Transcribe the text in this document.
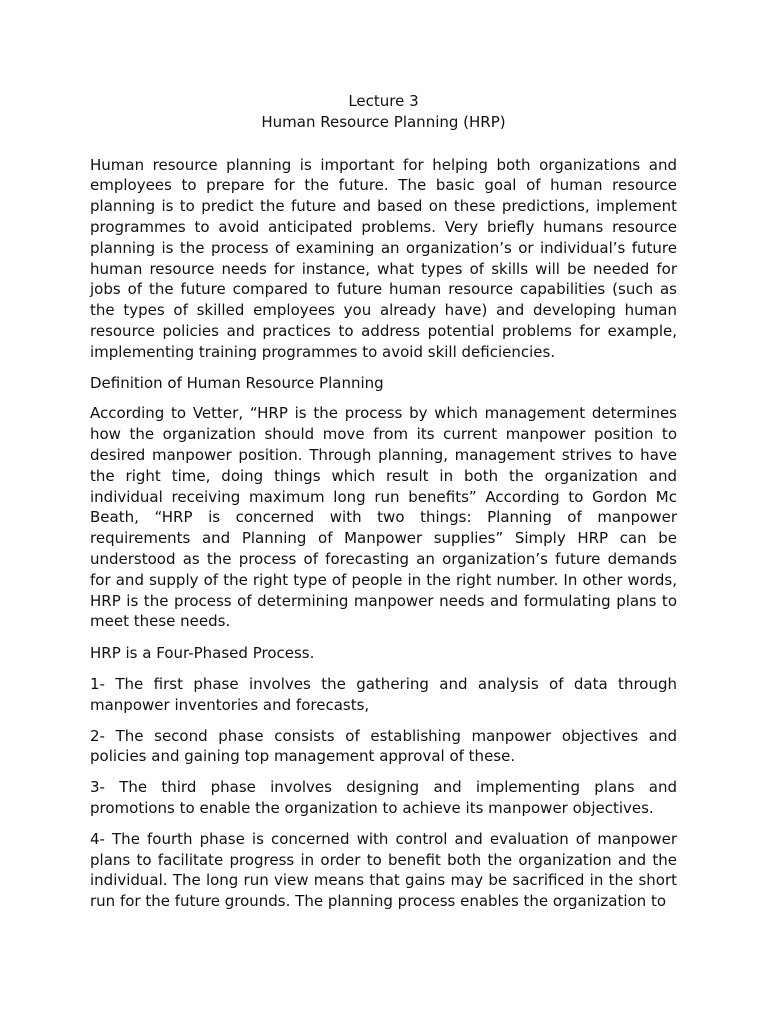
Lecture 3

Human Resource Planning (HRP)

Human resource planning is important for helping both organizations and employees to prepare for the future. The basic goal of human resource planning is to predict the future and based on these predictions, implement programmes to avoid anticipated problems. Very briefly humans resource planning is the process of examining an organization’s or individual’s future human resource needs for instance, what types of skills will be needed for jobs of the future compared to future human resource capabilities (such as the types of skilled employees you already have) and developing human resource policies and practices to address potential problems for example, implementing training programmes to avoid skill deficiencies.

Definition of Human Resource Planning

According to Vetter, “HRP is the process by which management determines how the organization should move from its current manpower position to desired manpower position. Through planning, management strives to have the right time, doing things which result in both the organization and individual receiving maximum long run benefits” According to Gordon Mc Beath, “HRP is concerned with two things: Planning of manpower requirements and Planning of Manpower supplies” Simply HRP can be understood as the process of forecasting an organization’s future demands for and supply of the right type of people in the right number. In other words, HRP is the process of determining manpower needs and formulating plans to meet these needs.

HRP is a Four-Phased Process.

1- The first phase involves the gathering and analysis of data through manpower inventories and forecasts,

2- The second phase consists of establishing manpower objectives and policies and gaining top management approval of these.

3- The third phase involves designing and implementing plans and promotions to enable the organization to achieve its manpower objectives.

4- The fourth phase is concerned with control and evaluation of manpower plans to facilitate progress in order to benefit both the organization and the individual. The long run view means that gains may be sacrificed in the short run for the future grounds. The planning process enables the organization to
